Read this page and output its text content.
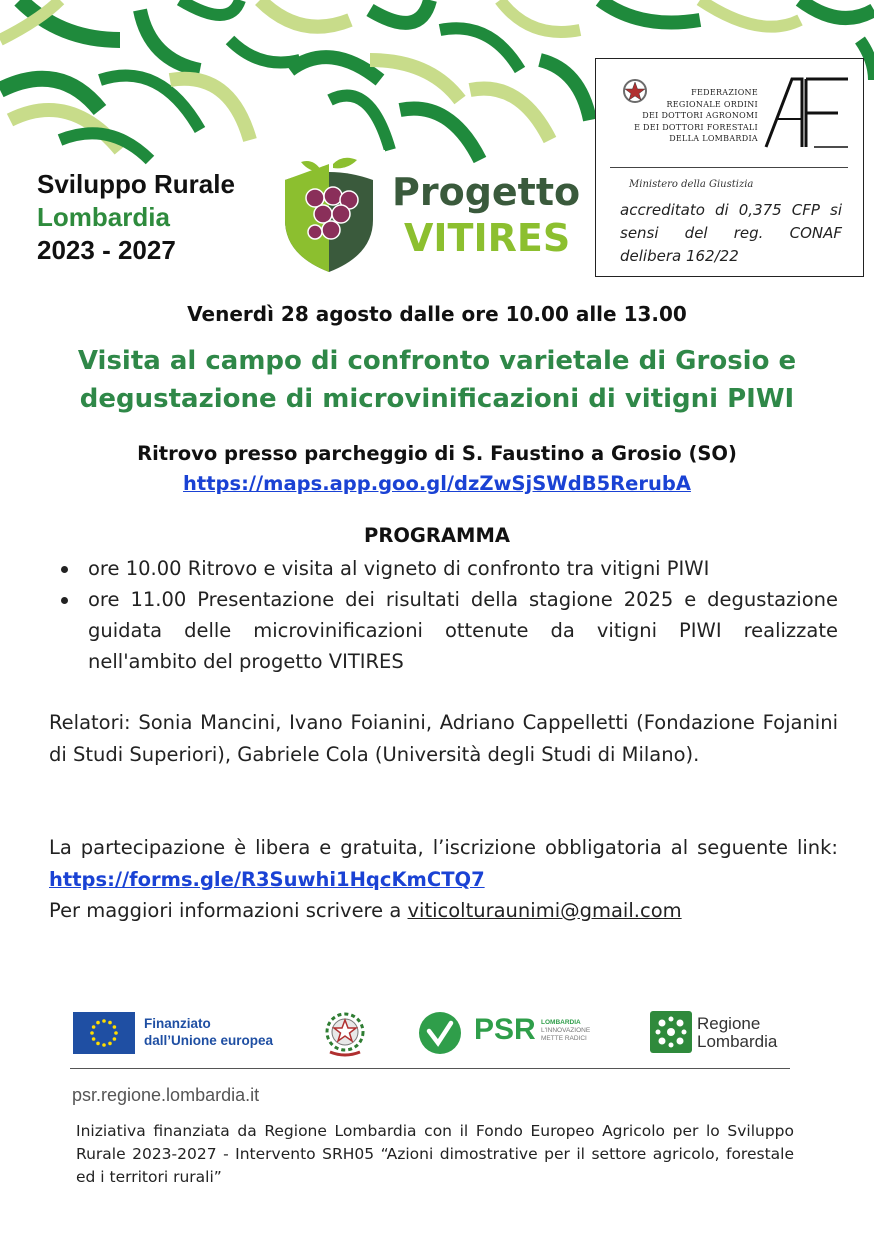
Sviluppo Rurale
Lombardia
2023 - 2027
Progetto
VITIRES
FEDERAZIONE
REGIONALE ORDINI
DEI DOTTORI AGRONOMI
E DEI DOTTORI FORESTALI
DELLA LOMBARDIA
Ministero della Giustizia
accreditato di 0,375 CFP si sensi del reg. CONAF delibera 162/22
Venerdì 28 agosto dalle ore 10.00 alle 13.00
Visita al campo di confronto varietale di Grosio e
degustazione di microvinificazioni di vitigni PIWI
Ritrovo presso parcheggio di S. Faustino a Grosio (SO)
https://maps.app.goo.gl/dzZwSjSWdB5RerubA
PROGRAMMA
ore 10.00 Ritrovo e visita al vigneto di confronto tra vitigni PIWI
ore 11.00 Presentazione dei risultati della stagione 2025 e degustazione guidata delle microvinificazioni ottenute da vitigni PIWI realizzate nell'ambito del progetto VITIRES
Relatori: Sonia Mancini, Ivano Foianini, Adriano Cappelletti (Fondazione Fojanini di Studi Superiori), Gabriele Cola (Università degli Studi di Milano).
La partecipazione è libera e gratuita, l’iscrizione obbligatoria al seguente link: https://forms.gle/R3Suwhi1HqcKmCTQ7
Per maggiori informazioni scrivere a viticolturaunimi@gmail.com
Finanziato
dall’Unione europea	PSR LOMBARDIA
L'INNOVAZIONE
METTE RADICI
Regione
Lombardia
psr.regione.lombardia.it
Iniziativa finanziata da Regione Lombardia con il Fondo Europeo Agricolo per lo Sviluppo Rurale 2023-2027 - Intervento SRH05 “Azioni dimostrative per il settore agricolo, forestale ed i territori rurali”
